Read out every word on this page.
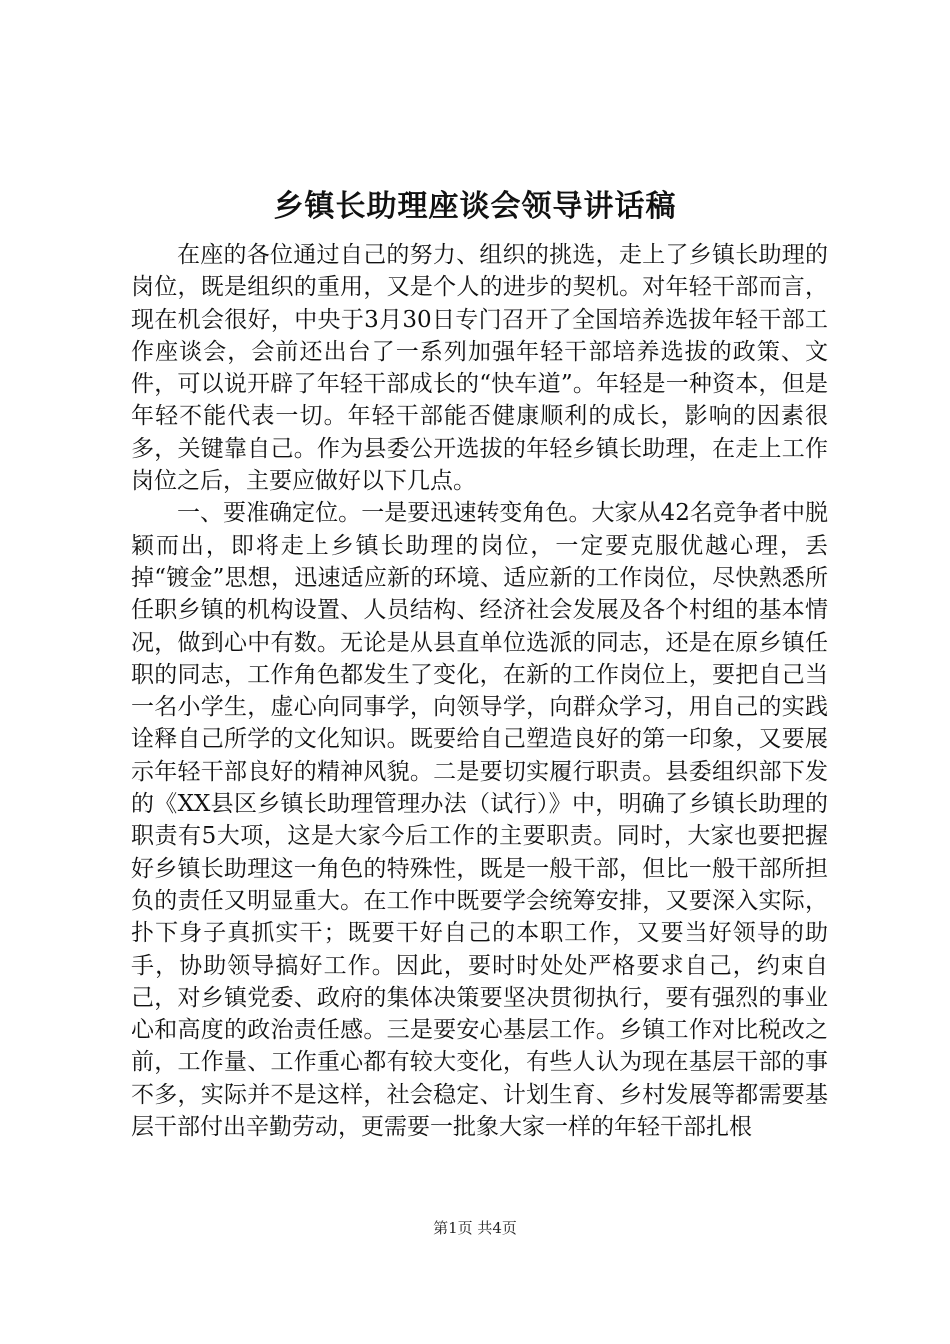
乡镇长助理座谈会领导讲话稿

在座的各位通过自己的努力、组织的挑选，走上了乡镇长助理的岗位，既是组织的重用，又是个人的进步的契机。对年轻干部而言，现在机会很好，中央于3月30日专门召开了全国培养选拔年轻干部工作座谈会，会前还出台了一系列加强年轻干部培养选拔的政策、文件，可以说开辟了年轻干部成长的“快车道”。年轻是一种资本，但是年轻不能代表一切。年轻干部能否健康顺利的成长，影响的因素很多，关键靠自己。作为县委公开选拔的年轻乡镇长助理，在走上工作岗位之后，主要应做好以下几点。

一、要准确定位。一是要迅速转变角色。大家从42名竞争者中脱颖而出，即将走上乡镇长助理的岗位，一定要克服优越心理，丢掉“镀金”思想，迅速适应新的环境、适应新的工作岗位，尽快熟悉所任职乡镇的机构设置、人员结构、经济社会发展及各个村组的基本情况，做到心中有数。无论是从县直单位选派的同志，还是在原乡镇任职的同志，工作角色都发生了变化，在新的工作岗位上，要把自己当一名小学生，虚心向同事学，向领导学，向群众学习，用自己的实践诠释自己所学的文化知识。既要给自己塑造良好的第一印象，又要展示年轻干部良好的精神风貌。二是要切实履行职责。县委组织部下发的《XX县区乡镇长助理管理办法（试行）》中，明确了乡镇长助理的职责有5大项，这是大家今后工作的主要职责。同时，大家也要把握好乡镇长助理这一角色的特殊性，既是一般干部，但比一般干部所担负的责任又明显重大。在工作中既要学会统筹安排，又要深入实际，扑下身子真抓实干；既要干好自己的本职工作，又要当好领导的助手，协助领导搞好工作。因此，要时时处处严格要求自己，约束自己，对乡镇党委、政府的集体决策要坚决贯彻执行，要有强烈的事业心和高度的政治责任感。三是要安心基层工作。乡镇工作对比税改之前，工作量、工作重心都有较大变化，有些人认为现在基层干部的事不多，实际并不是这样，社会稳定、计划生育、乡村发展等都需要基层干部付出辛勤劳动，更需要一批象大家一样的年轻干部扎根

第1页 共4页
